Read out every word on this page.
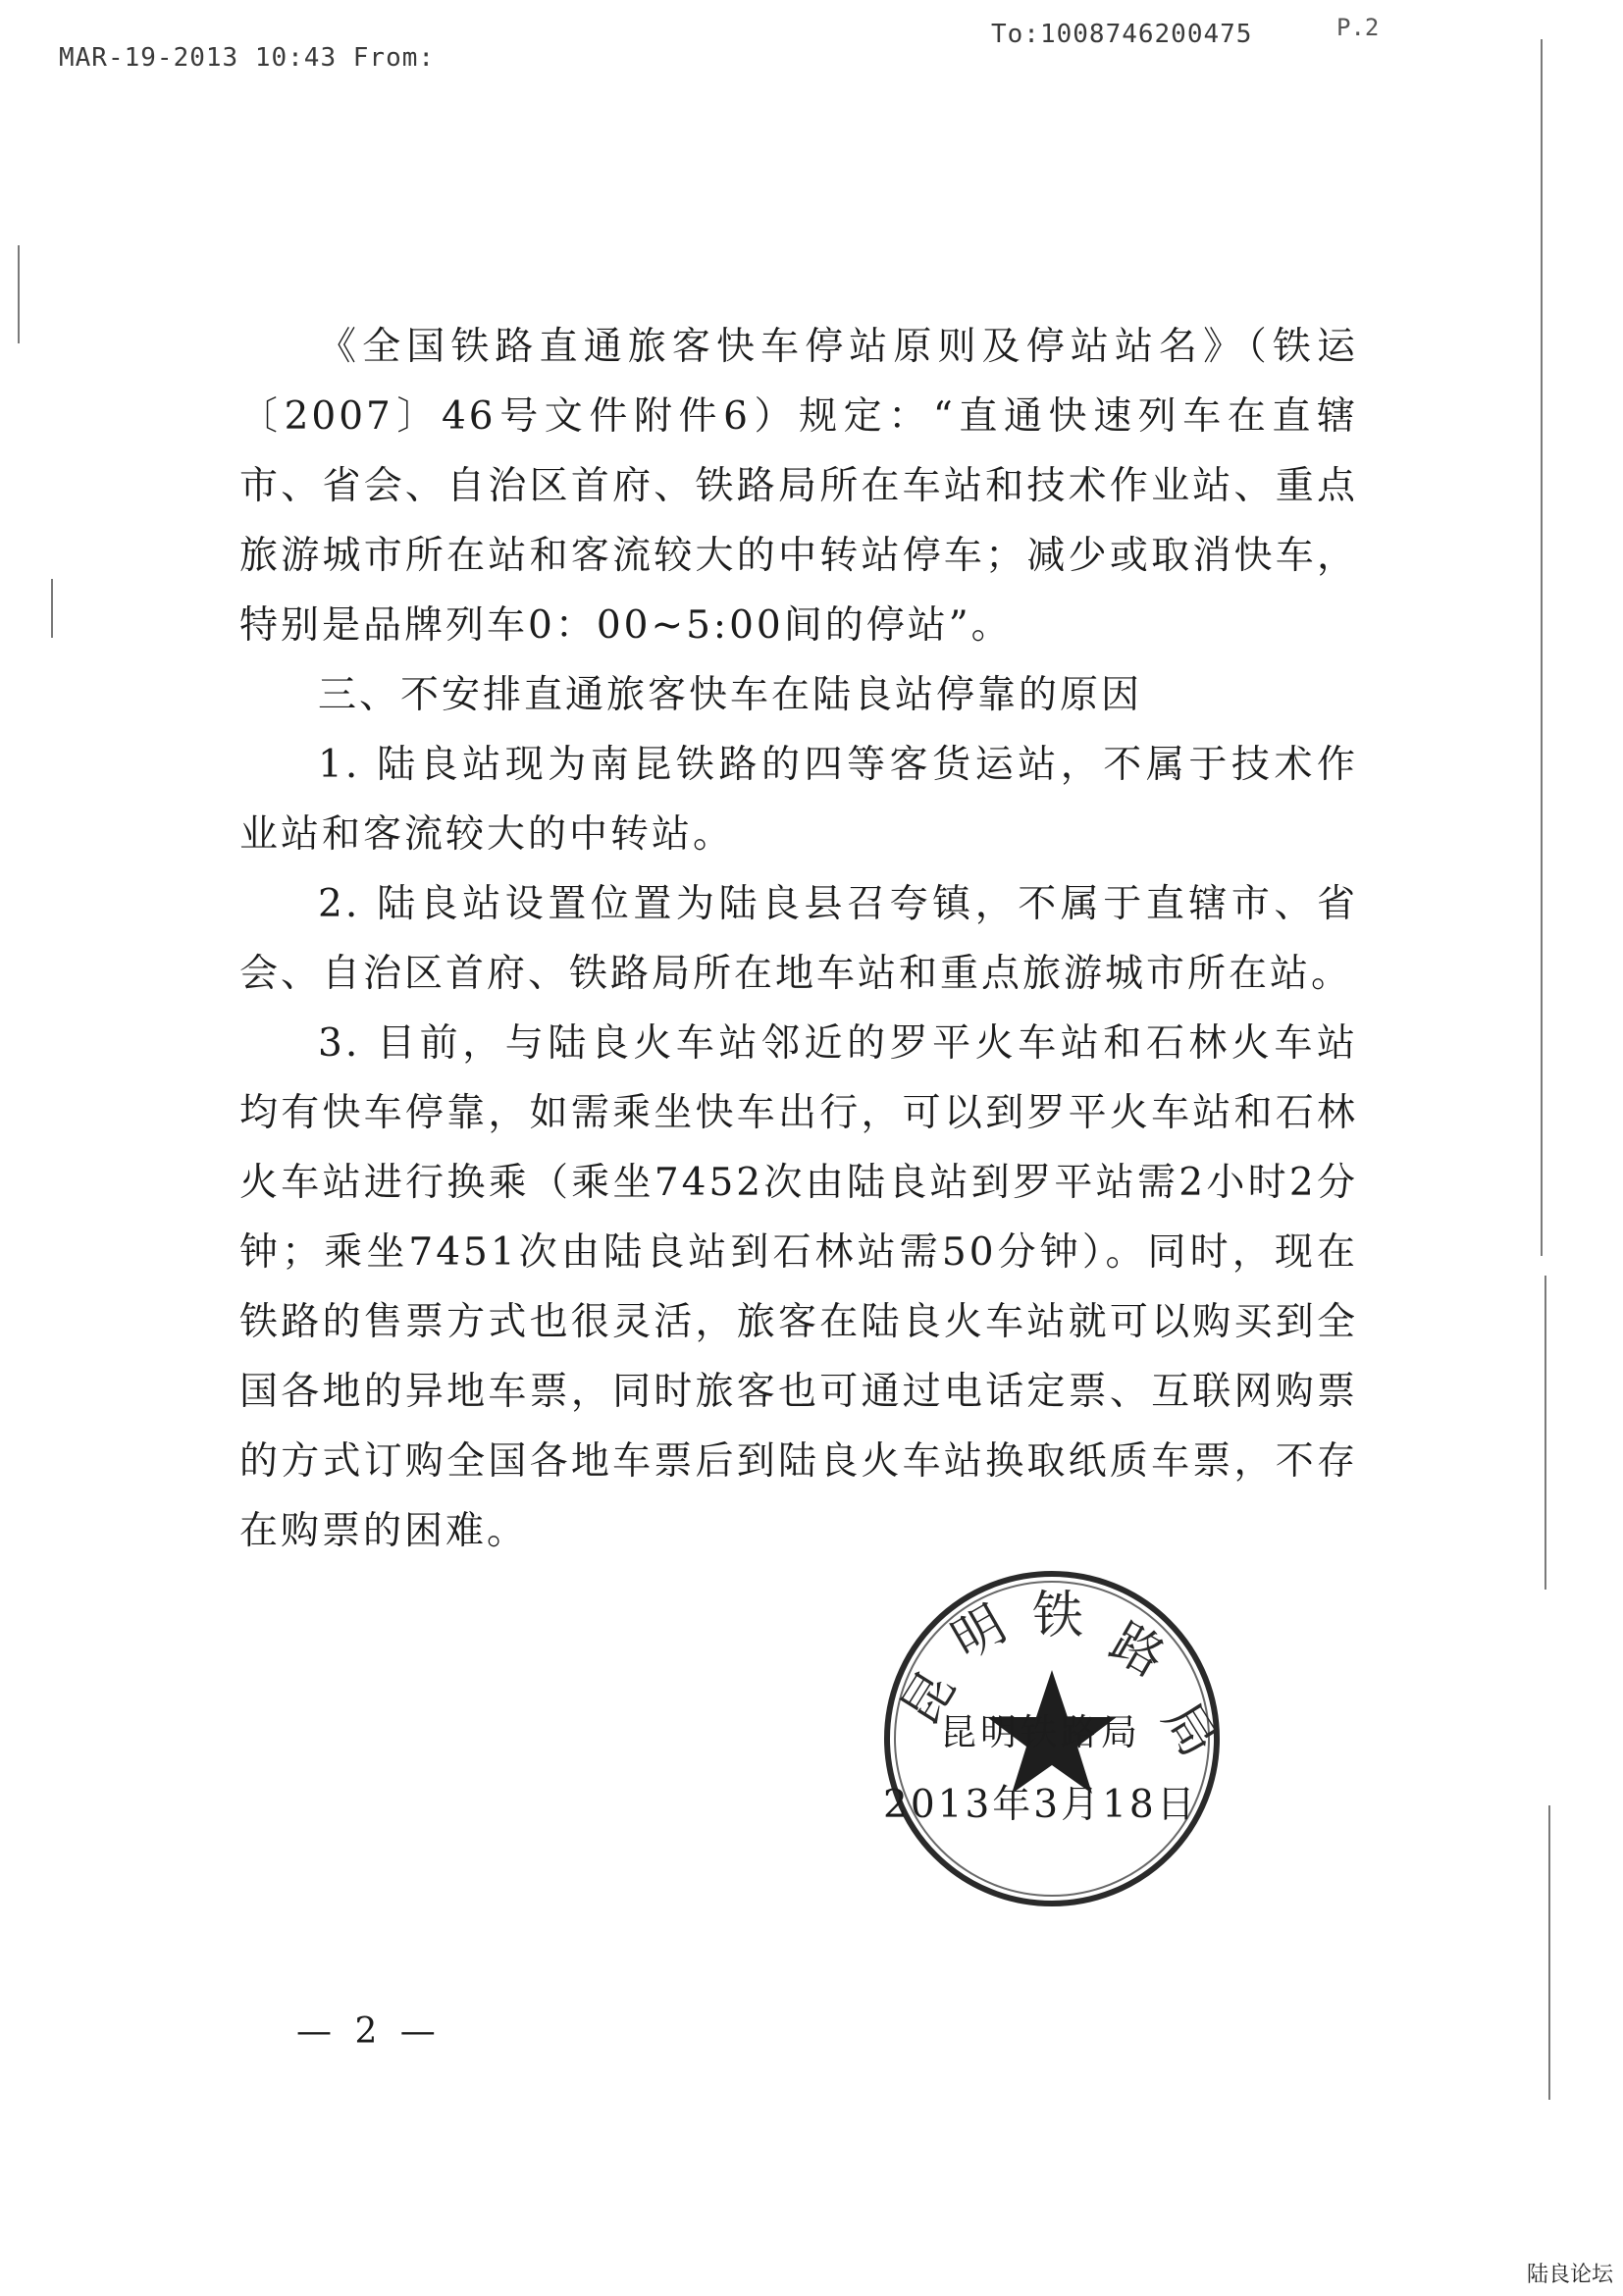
MAR-19-2013 10:43 From:
To:1008746200475	P.2

《全国铁路直通旅客快车停站原则及停站站名》（铁运〔2007〕46号文件附件6）规定：“直通快速列车在直辖市、省会、自治区首府、铁路局所在车站和技术作业站、重点旅游城市所在站和客流较大的中转站停车；减少或取消快车，特别是品牌列车0：00~5:00间的停站”。

三、不安排直通旅客快车在陆良站停靠的原因

1. 陆良站现为南昆铁路的四等客货运站，不属于技术作业站和客流较大的中转站。

2. 陆良站设置位置为陆良县召夸镇，不属于直辖市、省会、自治区首府、铁路局所在地车站和重点旅游城市所在站。

3. 目前，与陆良火车站邻近的罗平火车站和石林火车站均有快车停靠，如需乘坐快车出行，可以到罗平火车站和石林火车站进行换乘（乘坐7452次由陆良站到罗平站需2小时2分钟；乘坐7451次由陆良站到石林站需50分钟）。同时，现在铁路的售票方式也很灵活，旅客在陆良火车站就可以购买到全国各地的异地车票，同时旅客也可通过电话定票、互联网购票的方式订购全国各地车票后到陆良火车站换取纸质车票，不存在购票的困难。

昆
明 铁 路
局
昆明铁路局
2013年3月18日
— 2 —
陆良论坛
